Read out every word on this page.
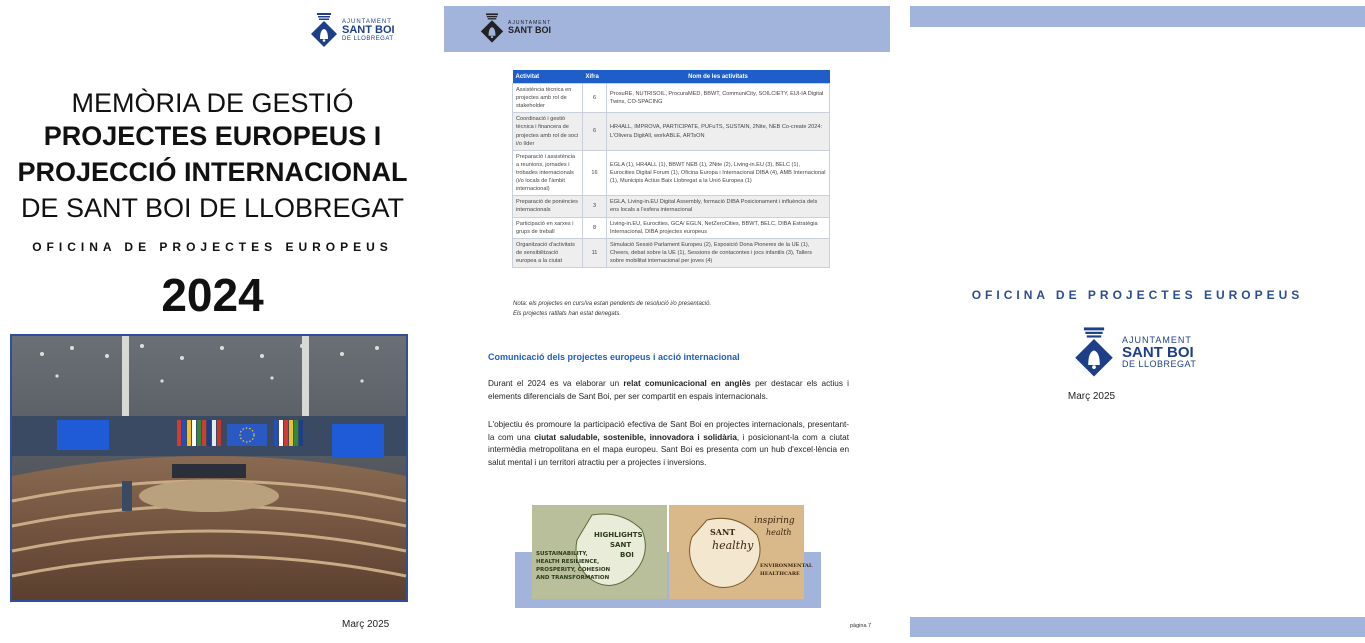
AJUNTAMENT
SANT BOI
DE LLOBREGAT
MEMÒRIA DE GESTIÓ
PROJECTES EUROPEUS I
PROJECCIÓ INTERNACIONAL
DE SANT BOI DE LLOBREGAT
OFICINA DE PROJECTES EUROPEUS
2024
Març 2025
AJUNTAMENT
SANT BOI
Activitat	Xifra	Nom de les activitats
Assistència tècnica en projectes amb rol de stakeholder	6	ProsuRE, NUTRISOIL, ProcuraMED, BBWT, CommuniCity, SOILCIETY, EUI-IA Digital Twins, CO-SPACING
Coordinació i gestió tècnica i financera de projectes amb rol de soci i/o líder	6	HR4ALL, IMPROVA, PARTICIPATE, PUFuTS, SUSTAIN, 2Nite, NEB Co-create 2024: L'Olivera DigitAll, workABLE, ARTsON
Preparació i assistència a reunions, jornades i trobades internacionals (i/o locals de l'àmbit internacional)	16	EGLA (1), HR4ALL (1), BBWT NEB (1), 2Nite (2), Living-in.EU (3), BELC (1), Eurocities Digital Forum (1), Oficina Europa i Internacional DIBA (4), AMB Internacional (1), Municipis Actius Baix Llobregat a la Unió Europea (1)
Preparació de ponències internacionals	3	EGLA, Living-in.EU Digital Assembly, formació DIBA Posicionament i influència dels ens locals a l'esfera internacional
Participació en xarxes i grups de treball	8	Living-in.EU, Eurocities, GCA/ EGLN, NetZeroCities, BBWT, BELC, DIBA Estratègia Internacional, DIBA projectes europeus
Organització d'activitats de sensibilització europea a la ciutat	11	Simulació Sessió Parlament Europeu (2), Exposició Dona Pioneres de la UE (1), Cheers, debat sobre la UE (1), Sessions de contacontes i jocs infantils (3), Tallers sobre mobilitat internacional per joves (4)
Nota: els projectes en curs/va estan pendents de resolució i/o presentació.
Els projectes ratllats han estat denegats.
Comunicació dels projectes europeus i acció internacional
Durant el 2024 es va elaborar un relat comunicacional en anglès per destacar els actius i elements diferencials de Sant Boi, per ser compartit en espais internacionals.
L'objectiu és promoure la participació efectiva de Sant Boi en projectes internacionals, presentant-la com una ciutat saludable, sostenible, innovadora i solidària, i posicionant-la com a ciutat intermèdia metropolitana en el mapa europeu. Sant Boi es presenta com un hub d'excel·lència en salut mental i un territori atractiu per a projectes i inversions.
HIGHLIGHTS
SANT
BOI
SUSTAINABILITY,
HEALTH RESILIENCE,
PROSPERITY, COHESION
AND TRANSFORMATION
SANT
healthy
inspiring
health
ENVIRONMENTAL
HEALTHCARE
pàgina 7
OFICINA DE PROJECTES EUROPEUS
AJUNTAMENT
SANT BOI
DE LLOBREGAT
Març 2025
